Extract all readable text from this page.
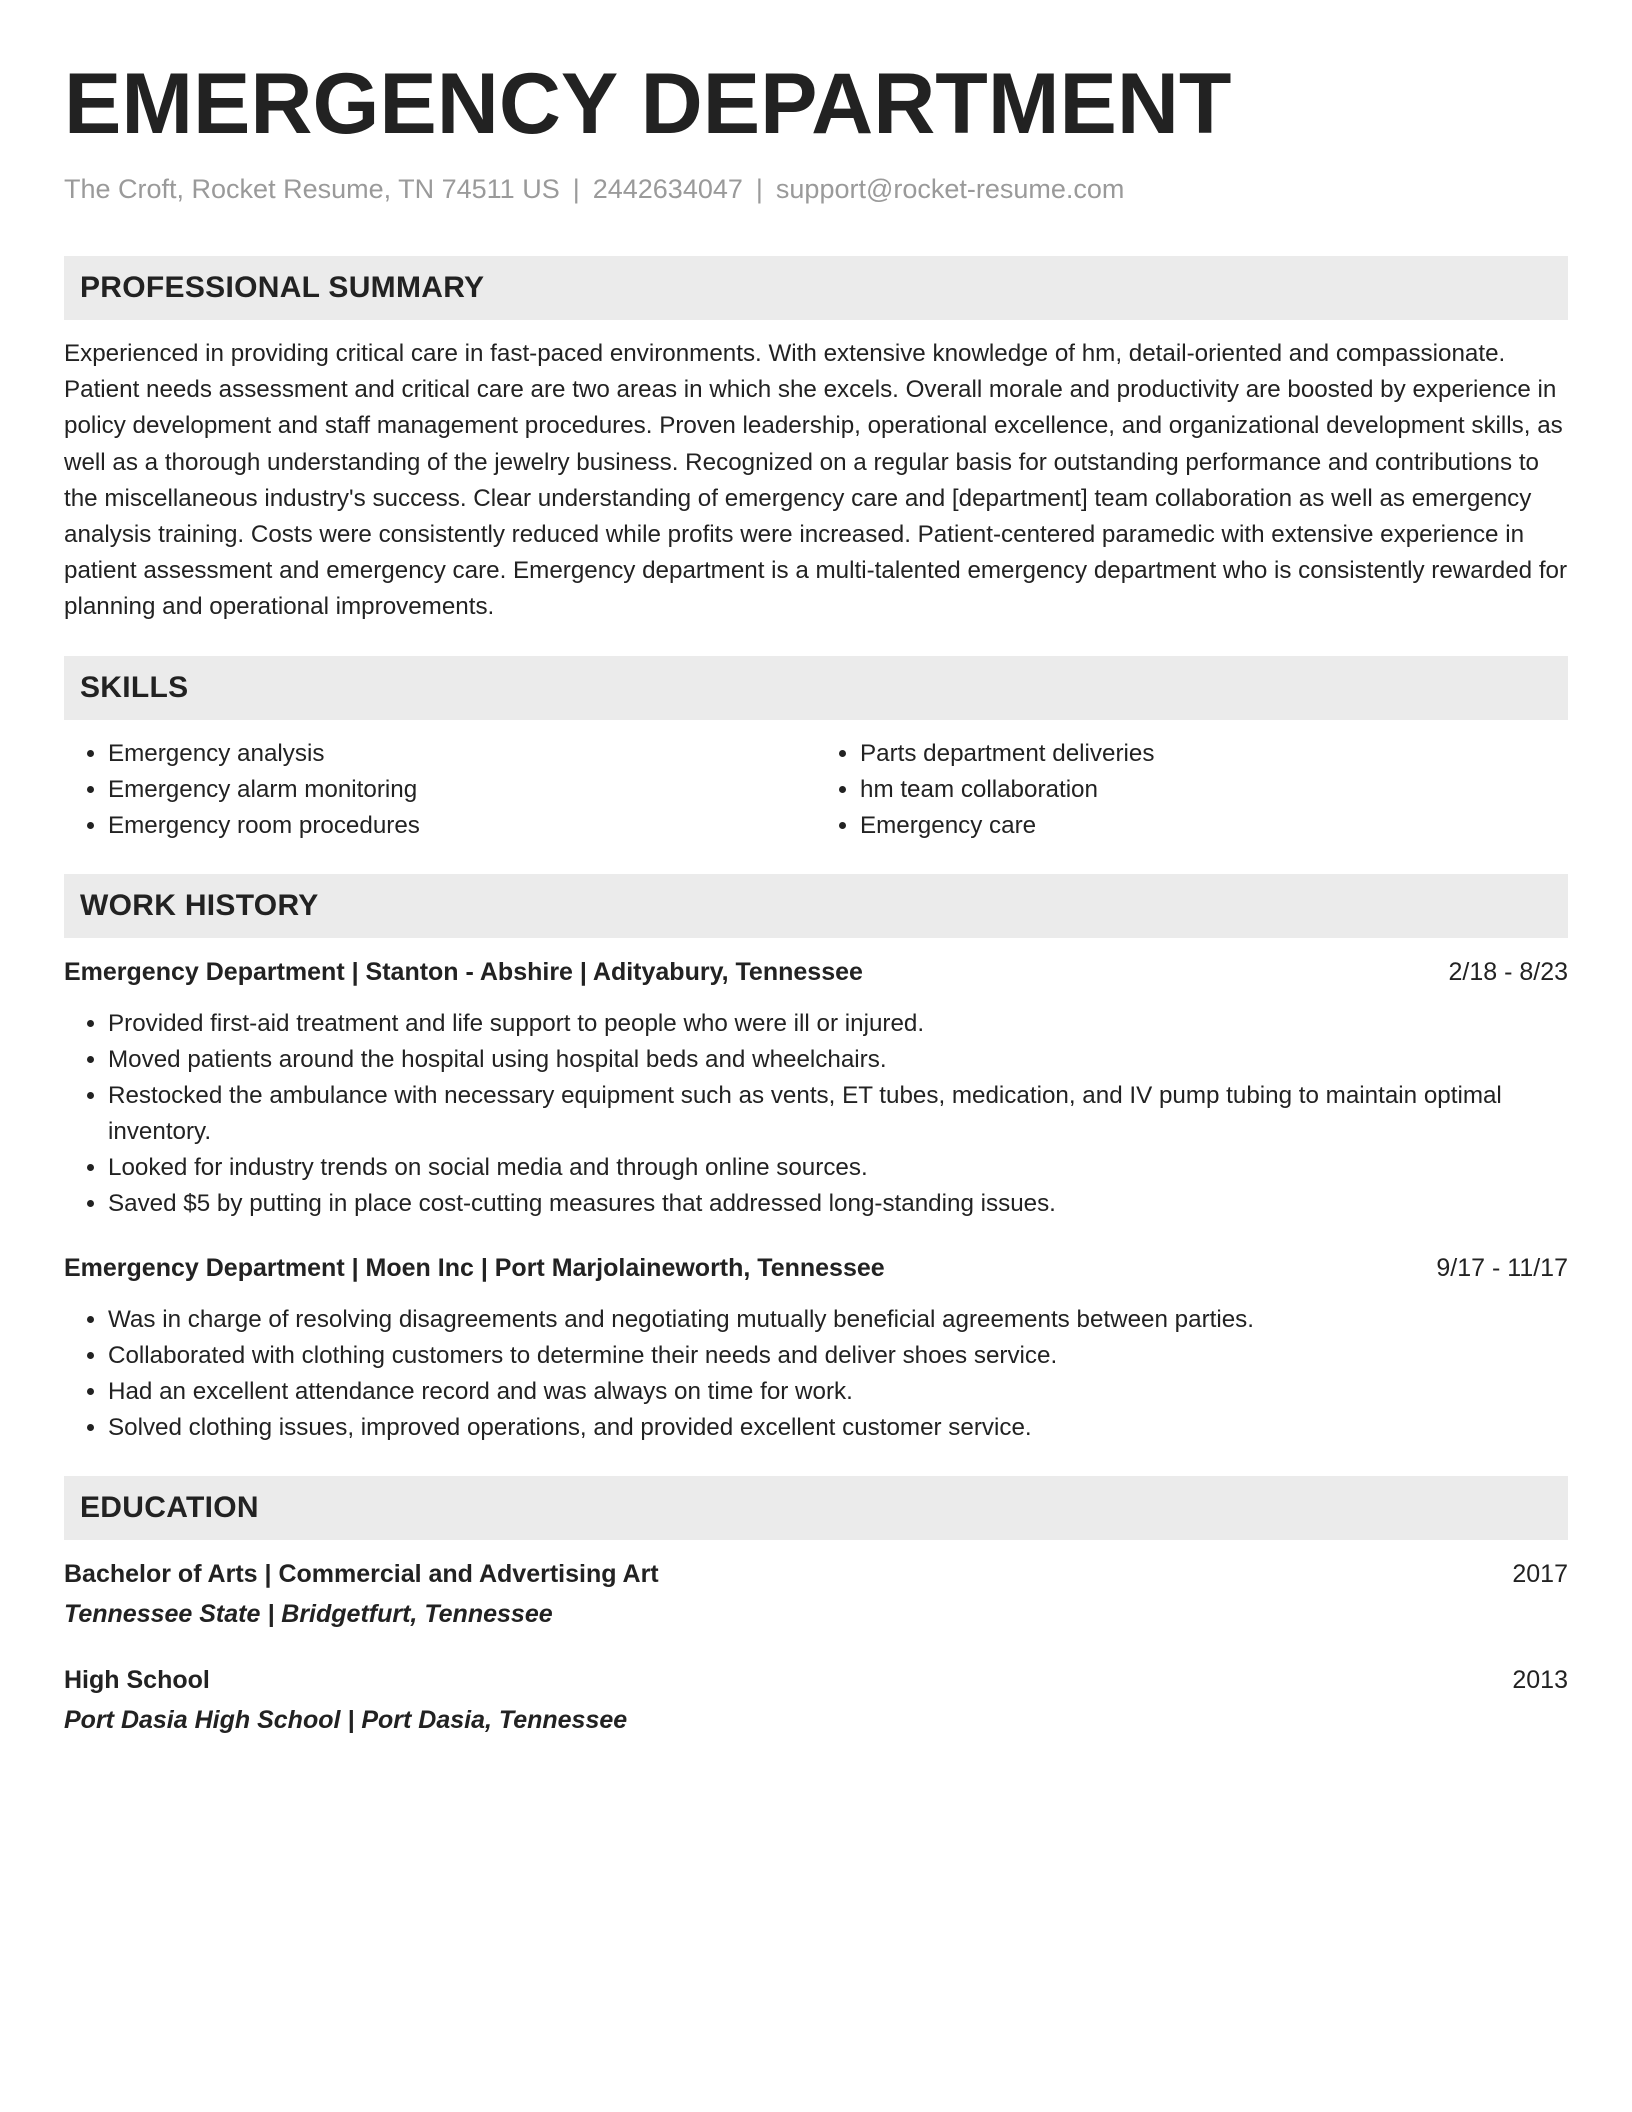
EMERGENCY DEPARTMENT
The Croft, Rocket Resume, TN 74511 US | 2442634047 | support@rocket-resume.com
PROFESSIONAL SUMMARY
Experienced in providing critical care in fast-paced environments. With extensive knowledge of hm, detail-oriented and compassionate. Patient needs assessment and critical care are two areas in which she excels. Overall morale and productivity are boosted by experience in policy development and staff management procedures. Proven leadership, operational excellence, and organizational development skills, as well as a thorough understanding of the jewelry business. Recognized on a regular basis for outstanding performance and contributions to the miscellaneous industry's success. Clear understanding of emergency care and [department] team collaboration as well as emergency analysis training. Costs were consistently reduced while profits were increased. Patient-centered paramedic with extensive experience in patient assessment and emergency care. Emergency department is a multi-talented emergency department who is consistently rewarded for planning and operational improvements.
SKILLS
• Emergency analysis
• Emergency alarm monitoring
• Emergency room procedures
• Parts department deliveries
• hm team collaboration
• Emergency care
WORK HISTORY
Emergency Department | Stanton - Abshire | Adityabury, Tennessee	2/18 - 8/23
• Provided first-aid treatment and life support to people who were ill or injured.
• Moved patients around the hospital using hospital beds and wheelchairs.
• Restocked the ambulance with necessary equipment such as vents, ET tubes, medication, and IV pump tubing to maintain optimal inventory.
• Looked for industry trends on social media and through online sources.
• Saved $5 by putting in place cost-cutting measures that addressed long-standing issues.
Emergency Department | Moen Inc | Port Marjolaineworth, Tennessee	9/17 - 11/17
• Was in charge of resolving disagreements and negotiating mutually beneficial agreements between parties.
• Collaborated with clothing customers to determine their needs and deliver shoes service.
• Had an excellent attendance record and was always on time for work.
• Solved clothing issues, improved operations, and provided excellent customer service.
EDUCATION
Bachelor of Arts | Commercial and Advertising Art	2017
Tennessee State | Bridgetfurt, Tennessee
High School	2013
Port Dasia High School | Port Dasia, Tennessee
